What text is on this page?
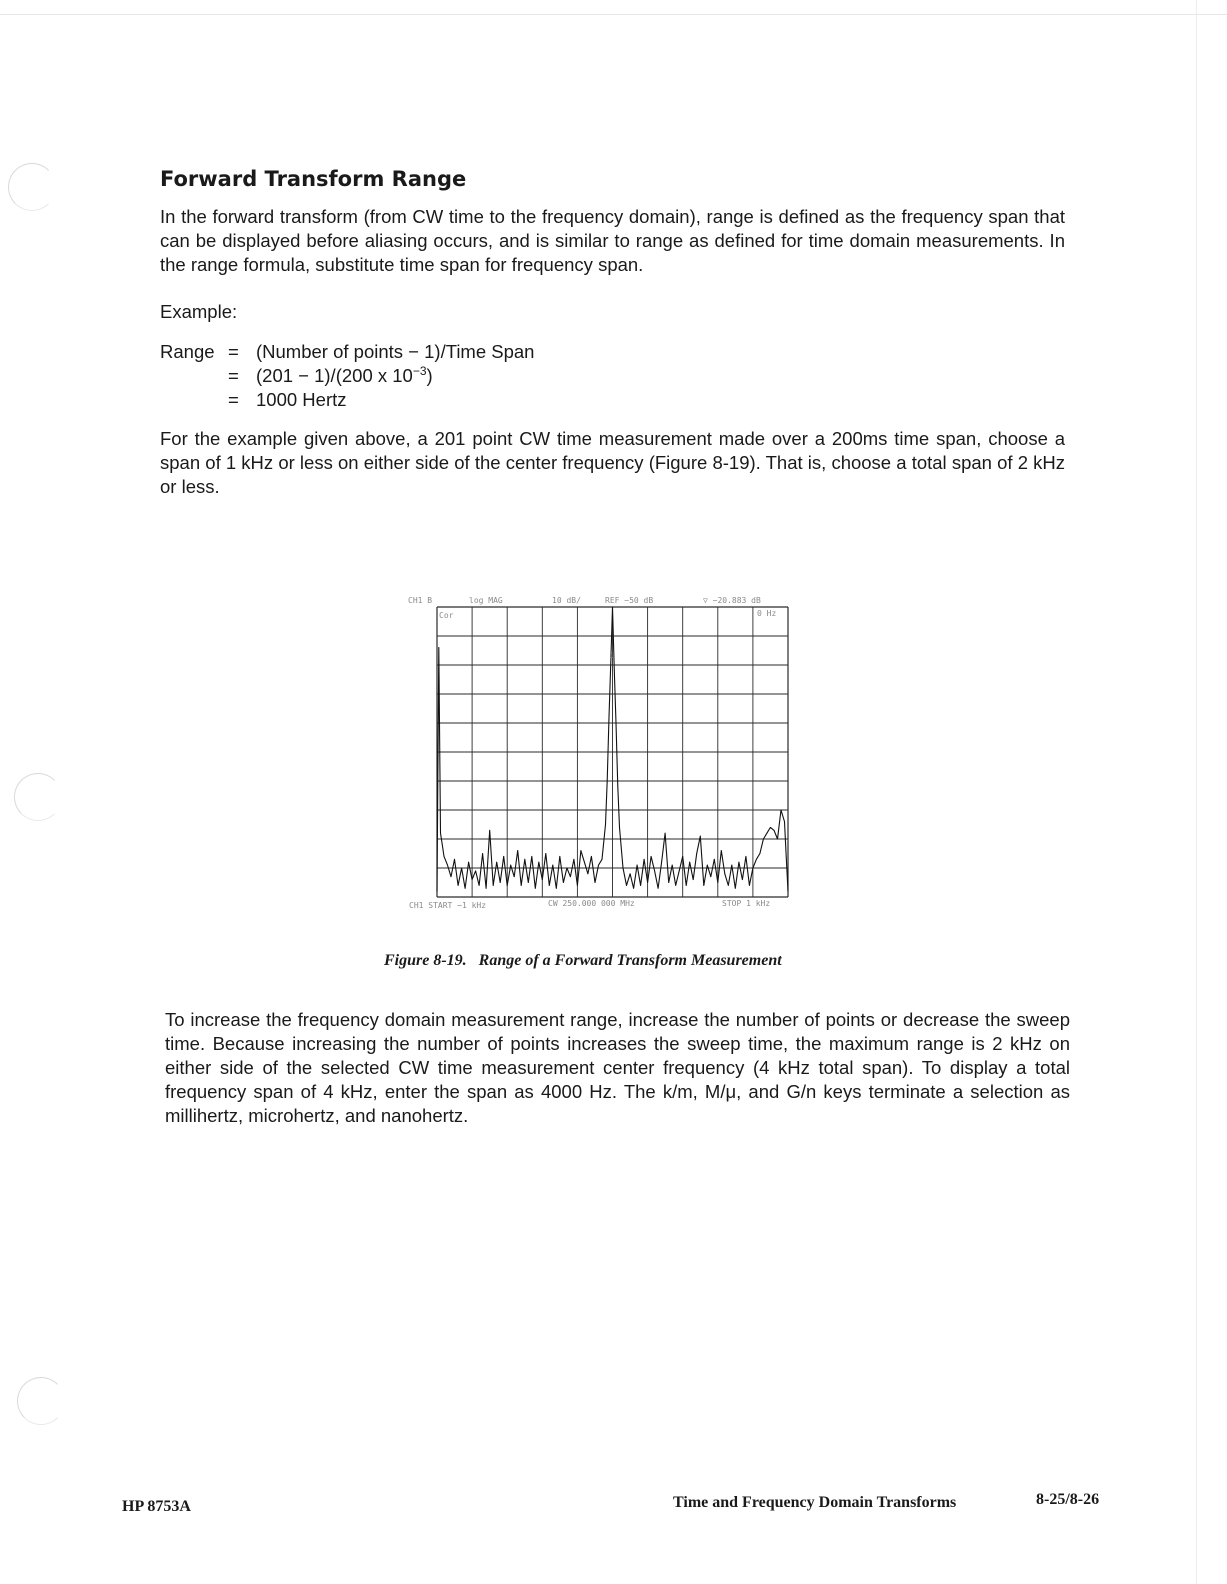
Forward Transform Range

In the forward transform (from CW time to the frequency domain), range is defined as the frequency span that can be displayed before aliasing occurs, and is similar to range as defined for time domain measurements. In the range formula, substitute time span for frequency span.

Example:

Range = (Number of points − 1)/Time Span
= (201 − 1)/(200 x $10^{-3}$)
= 1000 Hertz

For the example given above, a 201 point CW time measurement made over a 200ms time span, choose a span of 1 kHz or less on either side of the center frequency (Figure 8-19). That is, choose a total span of 2 kHz or less.

CH1 B	log MAG	10 dB/	REF −50 dB	▽ −20.883 dB
Cor	0 Hz
1
CH1 START −1 kHz	CW 250.000 000 MHz	STOP 1 kHz

Figure 8-19. Range of a Forward Transform Measurement

To increase the frequency domain measurement range, increase the number of points or decrease the sweep time. Because increasing the number of points increases the sweep time, the maximum range is 2 kHz on either side of the selected CW time measurement center frequency (4 kHz total span). To display a total frequency span of 4 kHz, enter the span as 4000 Hz. The k/m, M/μ, and G/n keys terminate a selection as millihertz, microhertz, and nanohertz.

HP 8753A	Time and Frequency Domain Transforms	8-25/8-26
